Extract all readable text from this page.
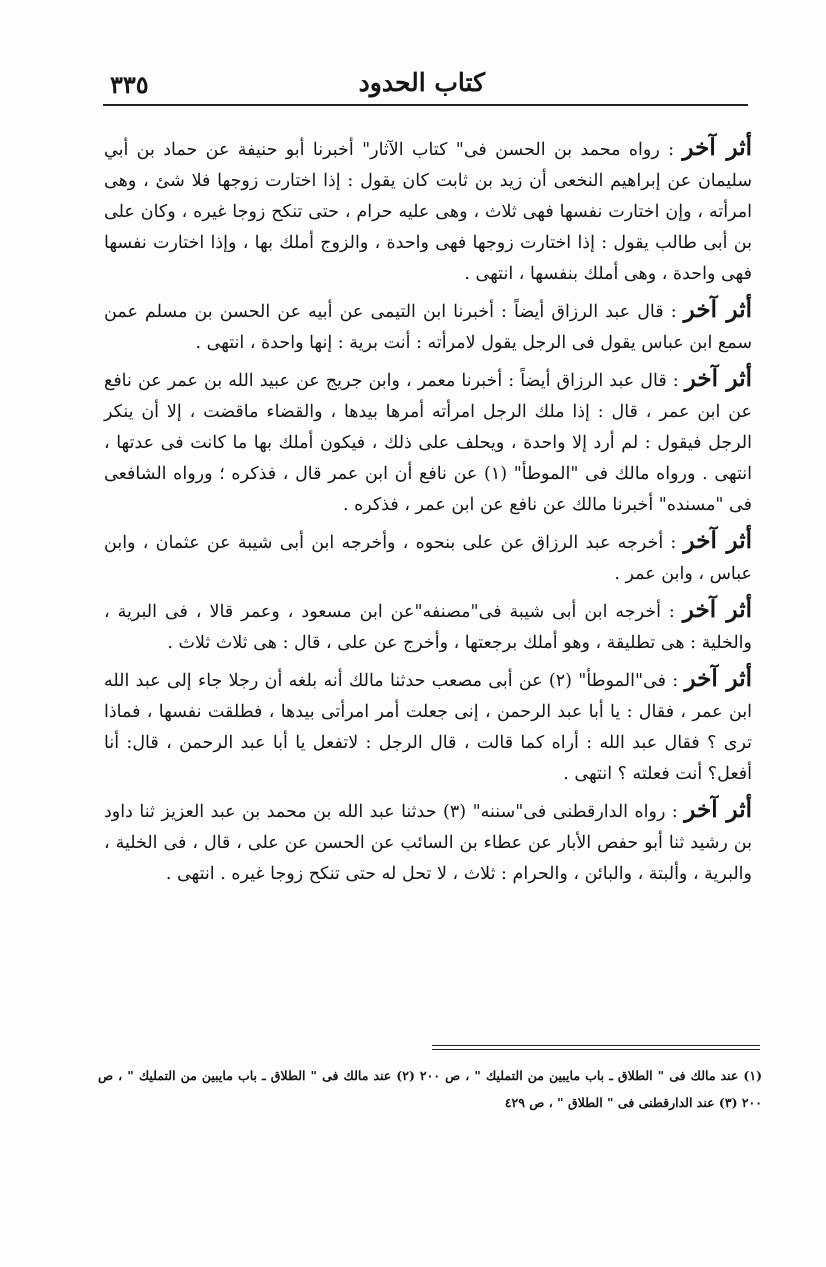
كتاب الحدود
٣٣٥

أثر آخر : رواه محمد بن الحسن فى" كتاب الآثار" أخبرنا أبو حنيفة عن حماد بن أبي سليمان عن إبراهيم النخعى أن زيد بن ثابت كان يقول : إذا اختارت زوجها فلا شئ ، وهى امرأته ، وإن اختارت نفسها فهى ثلاث ، وهى عليه حرام ، حتى تنكح زوجا غيره ، وكان على بن أبى طالب يقول : إذا اختارت زوجها فهى واحدة ، والزوج أملك بها ، وإذا اختارت نفسها فهى واحدة ، وهى أملك بنفسها ، انتهى .

أثر آخر : قال عبد الرزاق أيضاً : أخبرنا ابن التيمى عن أبيه عن الحسن بن مسلم عمن سمع ابن عباس يقول فى الرجل يقول لامرأته : أنت برية : إنها واحدة ، انتهى .

أثر آخر : قال عبد الرزاق أيضاً : أخبرنا معمر ، وابن جريج عن عبيد الله بن عمر عن نافع عن ابن عمر ، قال : إذا ملك الرجل امرأته أمرها بيدها ، والقضاء ماقضت ، إلا أن ينكر الرجل فيقول : لم أرد إلا واحدة ، ويحلف على ذلك ، فيكون أملك بها ما كانت فى عدتها ، انتهى . ورواه مالك فى "الموطأ" (١) عن نافع أن ابن عمر قال ، فذكره ؛ ورواه الشافعى فى "مسنده" أخبرنا مالك عن نافع عن ابن عمر ، فذكره .

أثر آخر : أخرجه عبد الرزاق عن على بنحوه ، وأخرجه ابن أبى شيبة عن عثمان ، وابن عباس ، وابن عمر .

أثر آخر : أخرجه ابن أبى شيبة فى"مصنفه"عن ابن مسعود ، وعمر قالا ، فى البرية ، والخلية : هى تطليقة ، وهو أملك برجعتها ، وأخرج عن على ، قال : هى ثلاث ثلاث .

أثر آخر : فى"الموطأ" (٢) عن أبى مصعب حدثنا مالك أنه بلغه أن رجلا جاء إلى عبد الله ابن عمر ، فقال : يا أبا عبد الرحمن ، إنى جعلت أمر امرأتى بيدها ، فطلقت نفسها ، فماذا ترى ؟ فقال عبد الله : أراه كما قالت ، قال الرجل : لاتفعل يا أبا عبد الرحمن ، قال: أنا أفعل؟ أنت فعلته ؟ انتهى .

أثر آخر : رواه الدارقطنى فى"سننه" (٣) حدثنا عبد الله بن محمد بن عبد العزيز ثنا داود بن رشيد ثنا أبو حفص الأبار عن عطاء بن السائب عن الحسن عن على ، قال ، فى الخلية ، والبرية ، وألبتة ، والبائن ، والحرام : ثلاث ، لا تحل له حتى تنكح زوجا غيره . انتهى .

(١) عند مالك فى " الطلاق ـ باب مايبين من التمليك " ، ص ٢٠٠ (٢) عند مالك فى " الطلاق ـ باب مايبين من التمليك " ، ص ٢٠٠ (٣) عند الدارقطنى فى " الطلاق " ، ص ٤٢٩
